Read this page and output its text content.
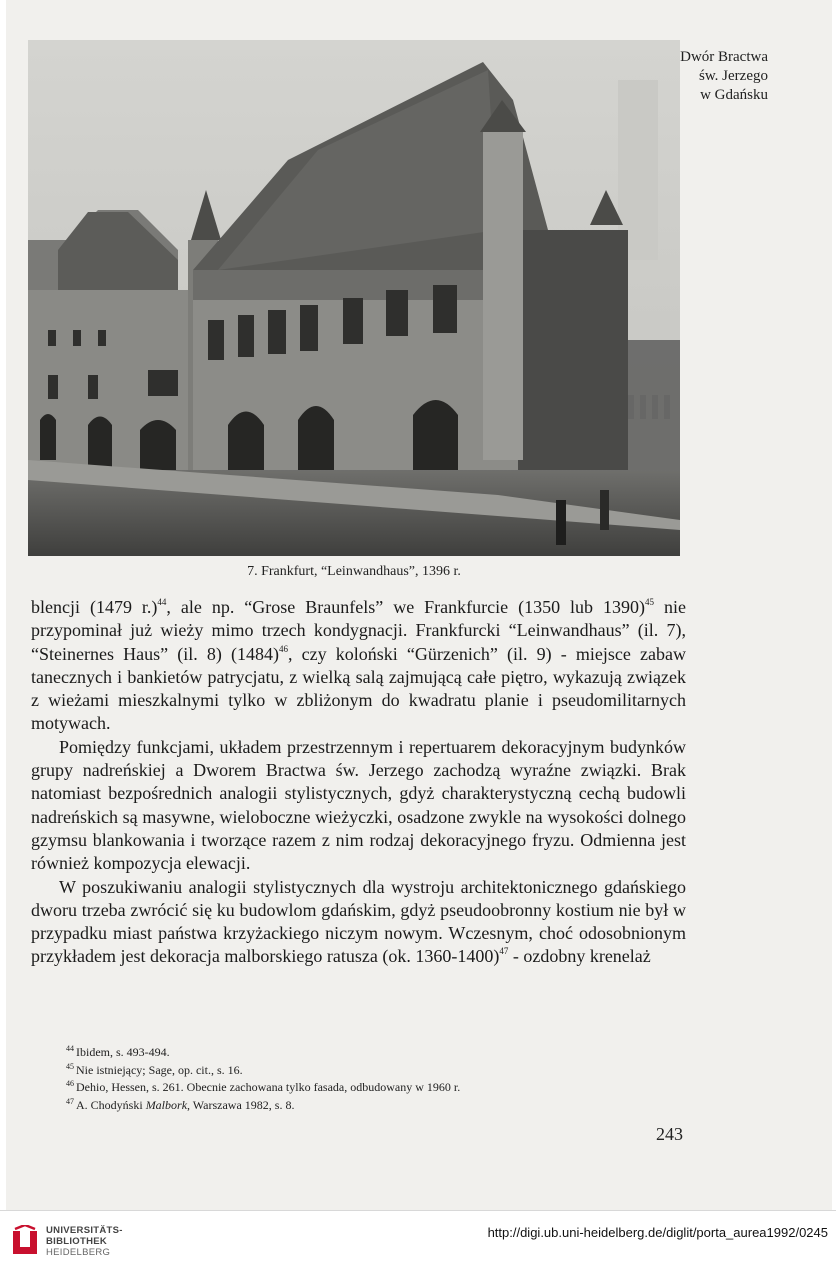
Dwór Bractwa
św. Jerzego
w Gdańsku
7. Frankfurt, “Leinwandhaus”, 1396 r.

blencji (1479 r.)$^{44}$, ale np. “Grose Braunfels” we Frankfurcie (1350 lub 1390)$^{45}$ nie przypominał już wieży mimo trzech kondygnacji. Frankfurcki “Leinwandhaus” (il. 7), “Steinernes Haus” (il. 8) $(1484)^{46}$, czy koloński “Gürzenich” (il. 9) - miejsce zabaw tanecznych i bankietów patrycjatu, z wielką salą zajmującą całe piętro, wykazują związek z wieżami mieszkalnymi tylko w zbliżonym do kwadratu planie i pseudomilitarnych motywach.

Pomiędzy funkcjami, układem przestrzennym i repertuarem dekoracyjnym budynków grupy nadreńskiej a Dworem Bractwa św. Jerzego zachodzą wyraźne związki. Brak natomiast bezpośrednich analogii stylistycznych, gdyż charakterystyczną cechą budowli nadreńskich są masywne, wieloboczne wieżyczki, osadzone zwykle na wysokości dolnego gzymsu blankowania i tworzące razem z nim rodzaj dekoracyjnego fryzu. Odmienna jest również kompozycja elewacji.

W poszukiwaniu analogii stylistycznych dla wystroju architektonicznego gdańskiego dworu trzeba zwrócić się ku budowlom gdańskim, gdyż pseudoobronny kostium nie był w przypadku miast państwa krzyżackiego niczym nowym. Wczesnym, choć odosobnionym przykładem jest dekoracja malborskiego ratusza (ok. 1360-1400)$^{47}$ - ozdobny krenelaż

$^{44}$ Ibidem, s. 493-494.
$^{45}$ Nie istniejący; Sage, op. cit., s. 16.
$^{46}$ Dehio, Hessen, s. 261. Obecnie zachowana tylko fasada, odbudowany w 1960 r.
$^{47}$ A. Chodyński Malbork, Warszawa 1982, s. 8.
243
UNIVERSITÄTS-
BIBLIOTHEK
HEIDELBERG
http://digi.ub.uni-heidelberg.de/diglit/porta_aurea1992/0245
